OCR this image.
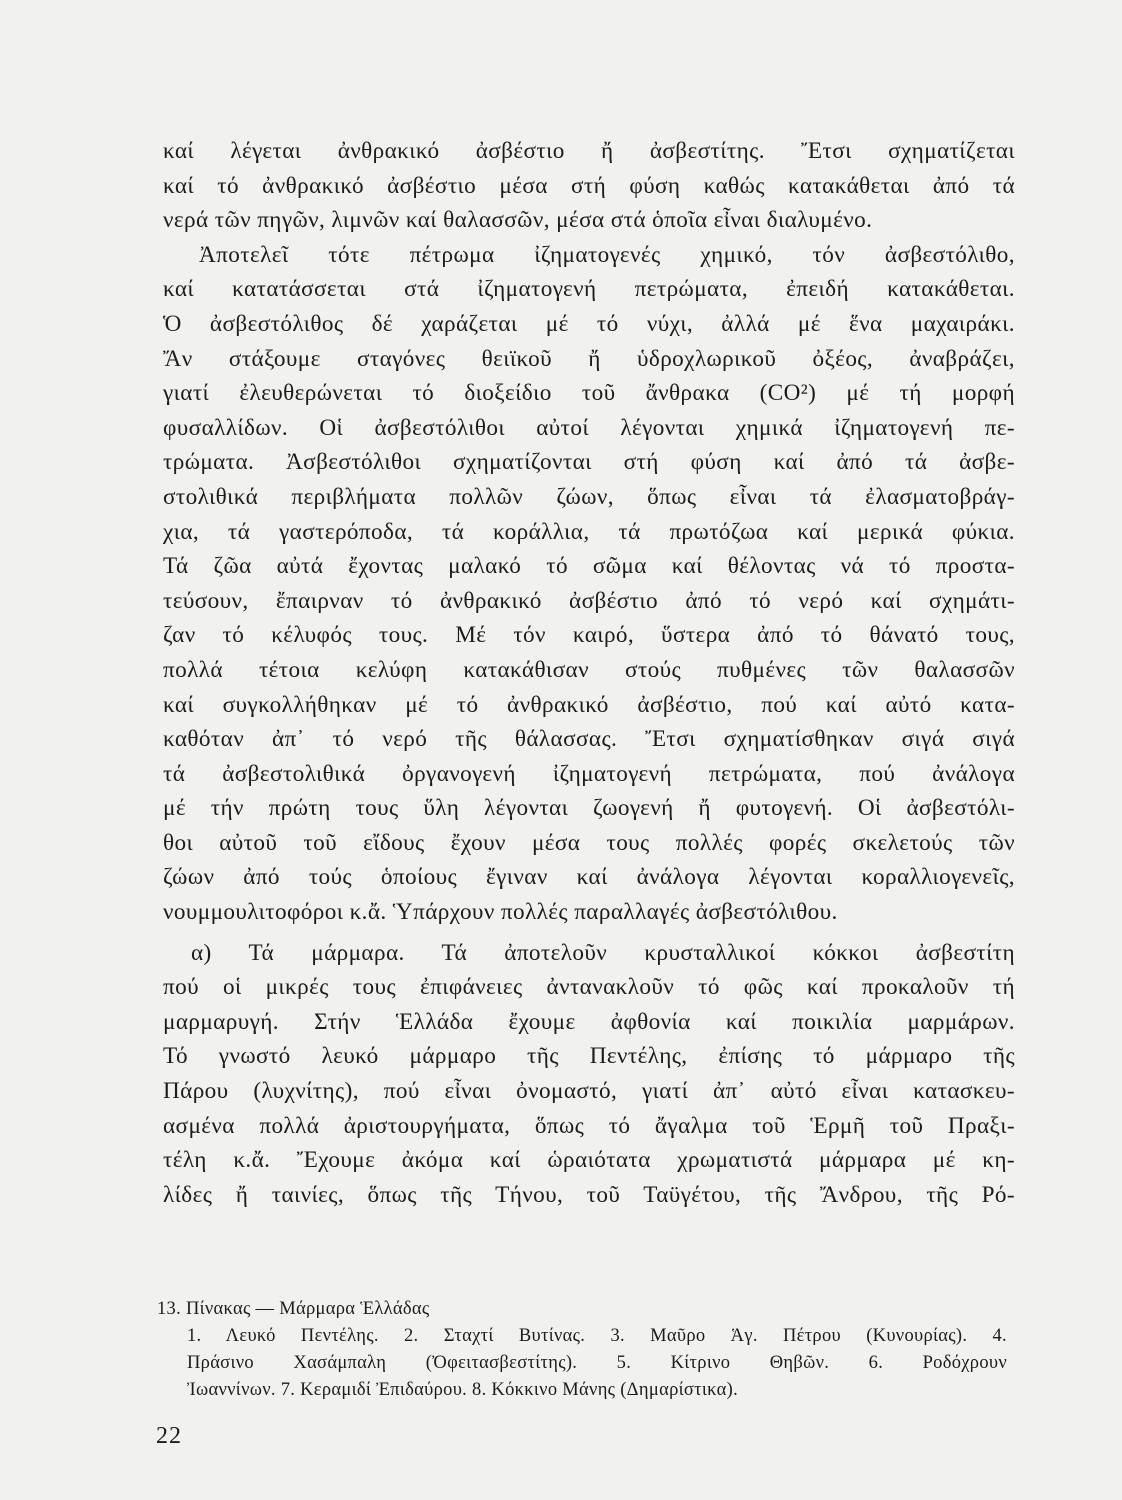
καί λέγεται ἀνθρακικό ἀσβέστιο ἤ ἀσβεστίτης. Ἔτσι σχηματίζεται
καί τό ἀνθρακικό ἀσβέστιο μέσα στή φύση καθώς κατακάθεται ἀπό τά
νερά τῶν πηγῶν, λιμνῶν καί θαλασσῶν, μέσα στά ὁποῖα εἶναι διαλυμένο.
Ἀποτελεῖ τότε πέτρωμα ἰζηματογενές χημικό, τόν ἀσβεστόλιθο,
καί κατατάσσεται στά ἰζηματογενή πετρώματα, ἐπειδή κατακάθεται.
Ὁ ἀσβεστόλιθος δέ χαράζεται μέ τό νύχι, ἀλλά μέ ἕνα μαχαιράκι.
Ἄν στάξουμε σταγόνες θειϊκοῦ ἤ ὑδροχλωρικοῦ ὀξέος, ἀναβράζει,
γιατί ἐλευθερώνεται τό διοξείδιο τοῦ ἄνθρακα (CO²) μέ τή μορφή
φυσαλλίδων. Οἱ ἀσβεστόλιθοι αὐτοί λέγονται χημικά ἰζηματογενή πε-
τρώματα. Ἀσβεστόλιθοι σχηματίζονται στή φύση καί ἀπό τά ἀσβε-
στολιθικά περιβλήματα πολλῶν ζώων, ὅπως εἶναι τά ἐλασματοβράγ-
χια, τά γαστερόποδα, τά κοράλλια, τά πρωτόζωα καί μερικά φύκια.
Τά ζῶα αὐτά ἔχοντας μαλακό τό σῶμα καί θέλοντας νά τό προστα-
τεύσουν, ἔπαιρναν τό ἀνθρακικό ἀσβέστιο ἀπό τό νερό καί σχημάτι-
ζαν τό κέλυφός τους. Μέ τόν καιρό, ὕστερα ἀπό τό θάνατό τους,
πολλά τέτοια κελύφη κατακάθισαν στούς πυθμένες τῶν θαλασσῶν
καί συγκολλήθηκαν μέ τό ἀνθρακικό ἀσβέστιο, πού καί αὐτό κατα-
καθόταν ἀπ᾿ τό νερό τῆς θάλασσας. Ἔτσι σχηματίσθηκαν σιγά σιγά
τά ἀσβεστολιθικά ὀργανογενή ἰζηματογενή πετρώματα, πού ἀνάλογα
μέ τήν πρώτη τους ὕλη λέγονται ζωογενή ἤ φυτογενή. Οἱ ἀσβεστόλι-
θοι αὐτοῦ τοῦ εἴδους ἔχουν μέσα τους πολλές φορές σκελετούς τῶν
ζώων ἀπό τούς ὁποίους ἔγιναν καί ἀνάλογα λέγονται κοραλλιογενεῖς,
νουμμουλιτοφόροι κ.ἄ. Ὑπάρχουν πολλές παραλλαγές ἀσβεστόλιθου.
α) Τά μάρμαρα. Τά ἀποτελοῦν κρυσταλλικοί κόκκοι ἀσβεστίτη
πού οἱ μικρές τους ἐπιφάνειες ἀντανακλοῦν τό φῶς καί προκαλοῦν τή
μαρμαρυγή. Στήν Ἑλλάδα ἔχουμε ἀφθονία καί ποικιλία μαρμάρων.
Τό γνωστό λευκό μάρμαρο τῆς Πεντέλης, ἐπίσης τό μάρμαρο τῆς
Πάρου (λυχνίτης), πού εἶναι ὀνομαστό, γιατί ἀπ᾿ αὐτό εἶναι κατασκευ-
ασμένα πολλά ἀριστουργήματα, ὅπως τό ἄγαλμα τοῦ Ἑρμῆ τοῦ Πραξι-
τέλη κ.ἄ. Ἔχουμε ἀκόμα καί ὡραιότατα χρωματιστά μάρμαρα μέ κη-
λίδες ἤ ταινίες, ὅπως τῆς Τήνου, τοῦ Ταϋγέτου, τῆς Ἄνδρου, τῆς Ρό-
13. Πίνακας — Μάρμαρα Ἑλλάδας
1. Λευκό Πεντέλης. 2. Σταχτί Βυτίνας. 3. Μαῦρο Ἁγ. Πέτρου (Κυνουρίας). 4.
Πράσινο Χασάμπαλη (Ὀφειτασβεστίτης). 5. Κίτρινο Θηβῶν. 6. Ροδόχρουν
Ἰωαννίνων. 7. Κεραμιδί Ἐπιδαύρου. 8. Κόκκινο Μάνης (Δημαρίστικα).
22
